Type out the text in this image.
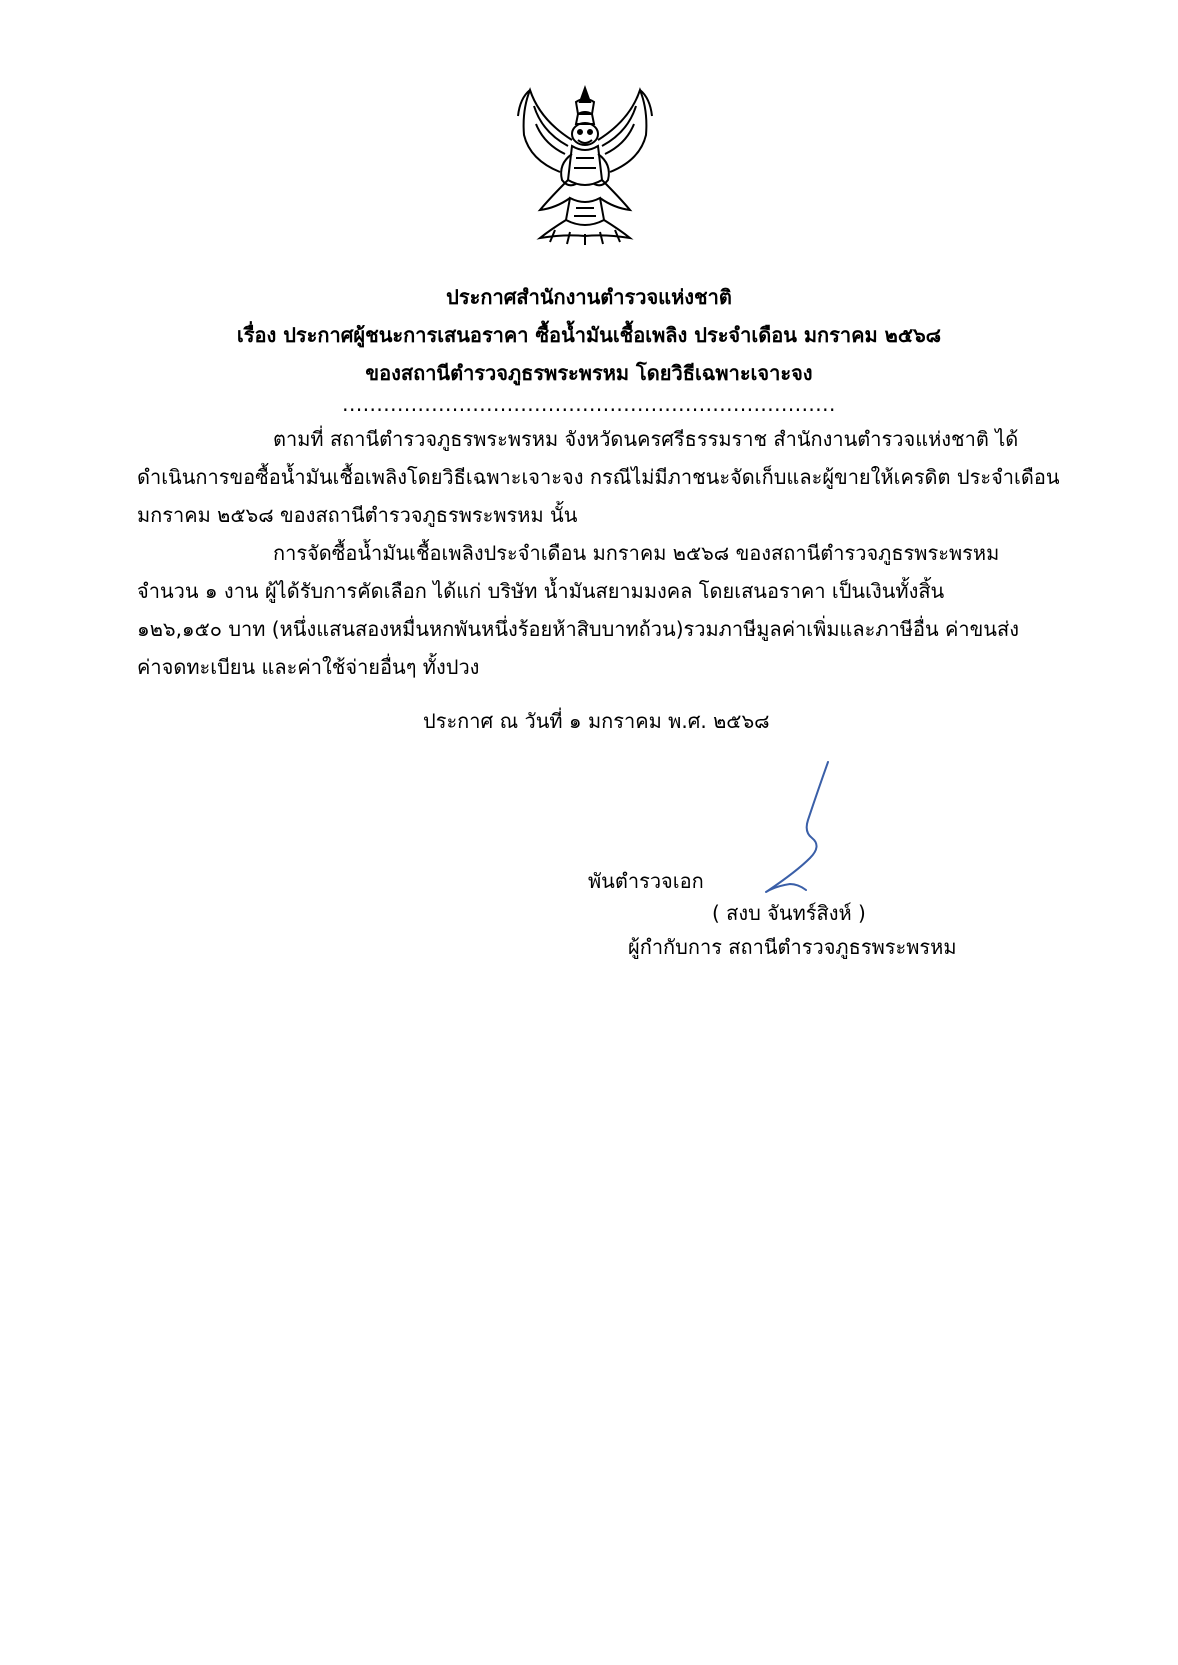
ประกาศสำนักงานตำรวจแห่งชาติ
เรื่อง ประกาศผู้ชนะการเสนอราคา ซื้อน้ำมันเชื้อเพลิง ประจำเดือน มกราคม ๒๕๖๘
ของสถานีตำรวจภูธรพระพรหม โดยวิธีเฉพาะเจาะจง
........................................................................
ตามที่ สถานีตำรวจภูธรพระพรหม จังหวัดนครศรีธรรมราช สำนักงานตำรวจแห่งชาติ ได้
ดำเนินการขอซื้อน้ำมันเชื้อเพลิงโดยวิธีเฉพาะเจาะจง กรณีไม่มีภาชนะจัดเก็บและผู้ขายให้เครดิต ประจำเดือน
มกราคม ๒๕๖๘ ของสถานีตำรวจภูธรพระพรหม นั้น
การจัดซื้อน้ำมันเชื้อเพลิงประจำเดือน มกราคม ๒๕๖๘ ของสถานีตำรวจภูธรพระพรหม
จำนวน ๑ งาน ผู้ได้รับการคัดเลือก ได้แก่ บริษัท น้ำมันสยามมงคล โดยเสนอราคา เป็นเงินทั้งสิ้น
๑๒๖,๑๕๐ บาท (หนึ่งแสนสองหมื่นหกพันหนึ่งร้อยห้าสิบบาทถ้วน)รวมภาษีมูลค่าเพิ่มและภาษีอื่น ค่าขนส่ง
ค่าจดทะเบียน และค่าใช้จ่ายอื่นๆ ทั้งปวง
ประกาศ ณ วันที่ ๑ มกราคม พ.ศ. ๒๕๖๘
พันตำรวจเอก
( สงบ จันทร์สิงห์ )
ผู้กำกับการ สถานีตำรวจภูธรพระพรหม
